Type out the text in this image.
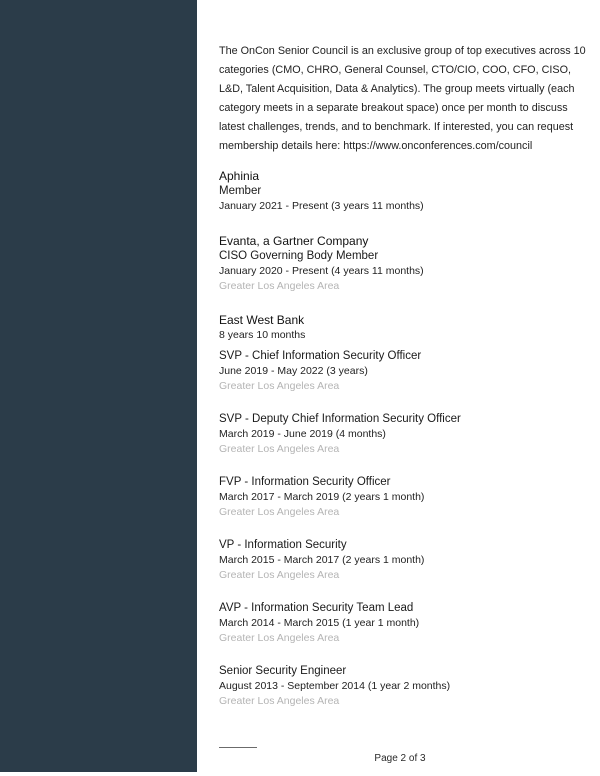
The OnCon Senior Council is an exclusive group of top executives across 10
categories (CMO, CHRO, General Counsel, CTO/CIO, COO, CFO, CISO,
L&D, Talent Acquisition, Data & Analytics). The group meets virtually (each
category meets in a separate breakout space) once per month to discuss
latest challenges, trends, and to benchmark. If interested, you can request
membership details here: https://www.onconferences.com/council
Aphinia
Member
January 2021 - Present (3 years 11 months)
Evanta, a Gartner Company
CISO Governing Body Member
January 2020 - Present (4 years 11 months)
Greater Los Angeles Area
East West Bank
8 years 10 months
SVP - Chief Information Security Officer
June 2019 - May 2022 (3 years)
Greater Los Angeles Area
SVP - Deputy Chief Information Security Officer
March 2019 - June 2019 (4 months)
Greater Los Angeles Area
FVP - Information Security Officer
March 2017 - March 2019 (2 years 1 month)
Greater Los Angeles Area
VP - Information Security
March 2015 - March 2017 (2 years 1 month)
Greater Los Angeles Area
AVP - Information Security Team Lead
March 2014 - March 2015 (1 year 1 month)
Greater Los Angeles Area
Senior Security Engineer
August 2013 - September 2014 (1 year 2 months)
Greater Los Angeles Area
Page 2 of 3
